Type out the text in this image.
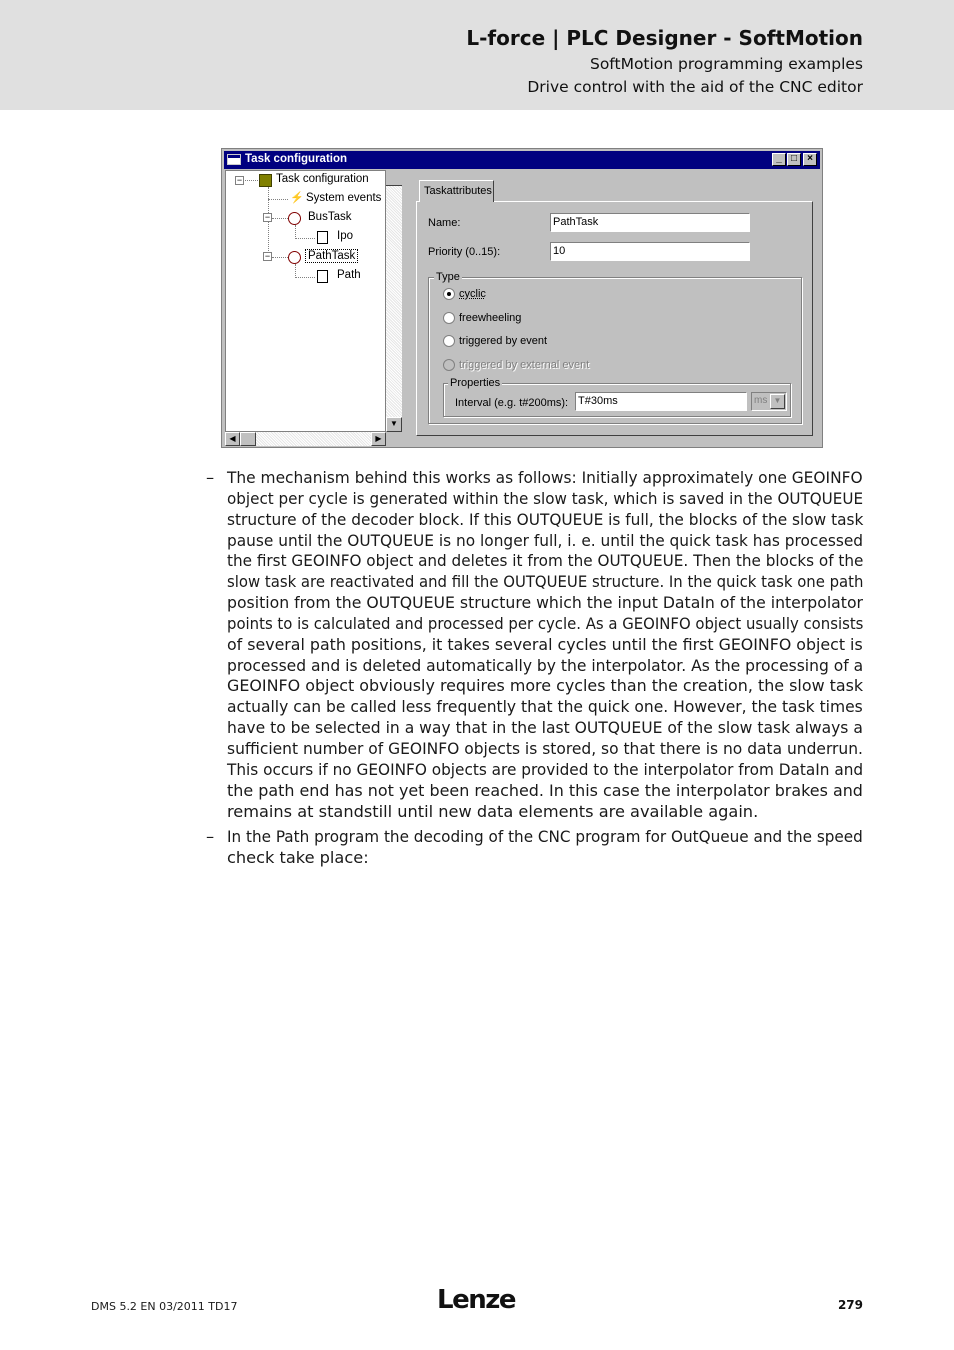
L-force | PLC Designer - SoftMotion
SoftMotion programming examples
Drive control with the aid of the CNC editor
Task configuration	_ □	×
−	Task configuration
⚡ System events
−	BusTask
Ipo
−	PathTask
Path
▼
◀	▶
Taskattributes
Name:	PathTask
Priority (0..15):	10
Type
cyclic
freewheeling
triggered by event
triggered by external event
Properties
Interval (e.g. t#200ms): T#30ms	ms ▼
– The mechanism behind this works as follows: Initially approximately one GEOINFO
object per cycle is generated within the slow task, which is saved in the OUTQUEUE
structure of the decoder block. If this OUTQUEUE is full, the blocks of the slow task
pause until the OUTQUEUE is no longer full, i. e. until the quick task has processed
the first GEOINFO object and deletes it from the OUTQUEUE. Then the blocks of the
slow task are reactivated and fill the OUTQUEUE structure. In the quick task one path
position from the OUTQUEUE structure which the input DataIn of the interpolator
points to is calculated and processed per cycle. As a GEOINFO object usually consists
of several path positions, it takes several cycles until the first GEOINFO object is
processed and is deleted automatically by the interpolator. As the processing of a
GEOINFO object obviously requires more cycles than the creation, the slow task
actually can be called less frequently that the quick one. However, the task times
have to be selected in a way that in the last OUTQUEUE of the slow task always a
sufficient number of GEOINFO objects is stored, so that there is no data underrun.
This occurs if no GEOINFO objects are provided to the interpolator from DataIn and
the path end has not yet been reached. In this case the interpolator brakes and
remains at standstill until new data elements are available again.
– In the Path program the decoding of the CNC program for OutQueue and the speed
check take place:
DMS 5.2 EN 03/2011 TD17	Lenze	279
